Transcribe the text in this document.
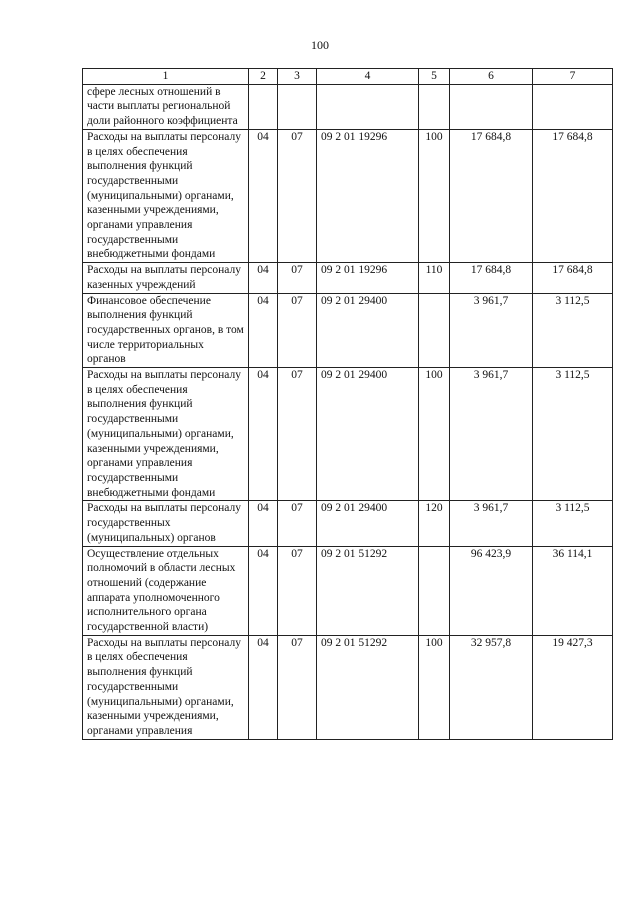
100
1	2	3	4	5	6	7
сфере лесных отношений в части выплаты региональной доли районного коэффициента						
Расходы на выплаты персоналу в целях обеспечения выполнения функций государственными (муниципальными) органами, казенными учреждениями, органами управления государственными внебюджетными фондами	04	07	09 2 01 19296	100	17 684,8	17 684,8
Расходы на выплаты персоналу казенных учреждений	04	07	09 2 01 19296	110	17 684,8	17 684,8
Финансовое обеспечение выполнения функций государственных органов, в том числе территориальных органов	04	07	09 2 01 29400		3 961,7	3 112,5
Расходы на выплаты персоналу в целях обеспечения выполнения функций государственными (муниципальными) органами, казенными учреждениями, органами управления государственными внебюджетными фондами	04	07	09 2 01 29400	100	3 961,7	3 112,5
Расходы на выплаты персоналу государственных (муниципальных) органов	04	07	09 2 01 29400	120	3 961,7	3 112,5
Осуществление отдельных полномочий в области лесных отношений (содержание аппарата уполномоченного исполнительного органа государственной власти)	04	07	09 2 01 51292		96 423,9	36 114,1
Расходы на выплаты персоналу в целях обеспечения выполнения функций государственными (муниципальными) органами, казенными учреждениями, органами управления	04	07	09 2 01 51292	100	32 957,8	19 427,3
